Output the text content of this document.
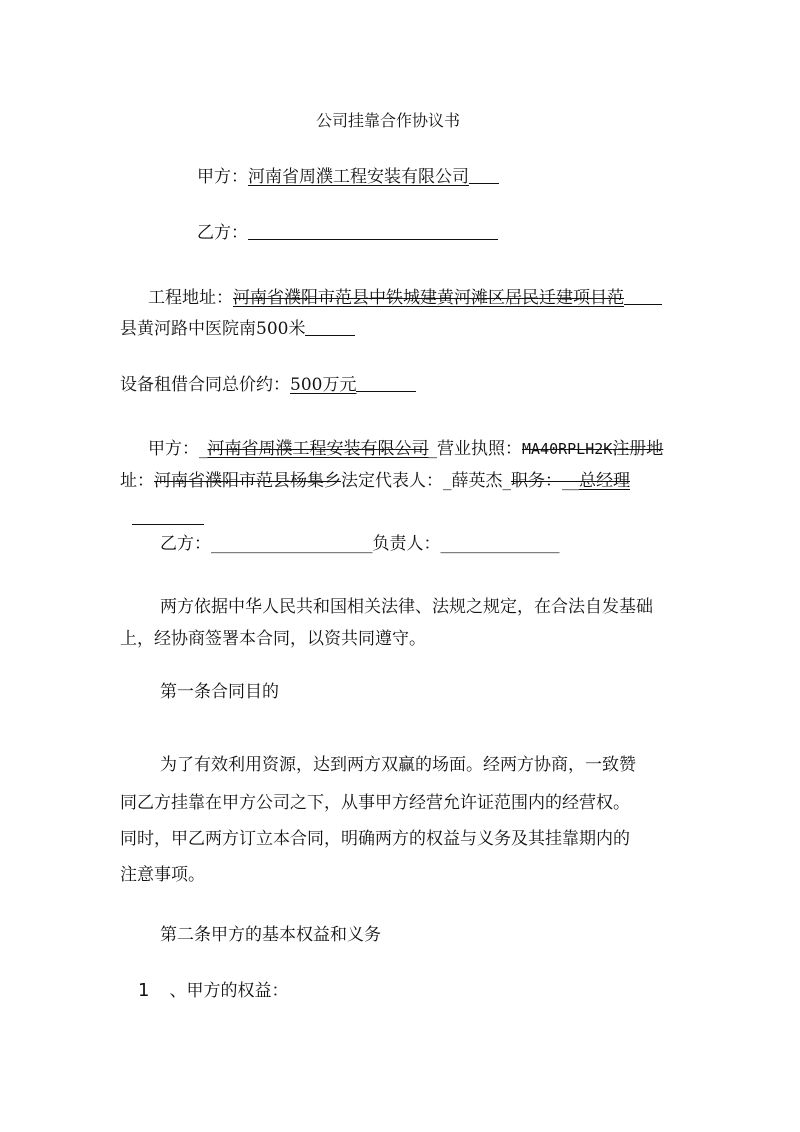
公司挂靠合作协议书
甲方：河南省周濮工程安装有限公司
乙方：
工程地址：河南省濮阳市范县中铁城建黄河滩区居民迁建项目范
县黄河路中医院南500米
设备租借合同总价约：500万元
甲方：_河南省周濮工程安装有限公司_营业执照：MA40RPLH2K注册地
址：河南省濮阳市范县杨集乡法定代表人：_薛英杰_职务：__总经理
乙方：___________________负责人：______________
两方依据中华人民共和国相关法律、法规之规定，在合法自发基础
上，经协商签署本合同，以资共同遵守。
第一条合同目的
为了有效利用资源，达到两方双赢的场面。经两方协商，一致赞
同乙方挂靠在甲方公司之下，从事甲方经营允许证范围内的经营权。
同时，甲乙两方订立本合同，明确两方的权益与义务及其挂靠期内的
注意事项。
第二条甲方的基本权益和义务
1 、甲方的权益：
